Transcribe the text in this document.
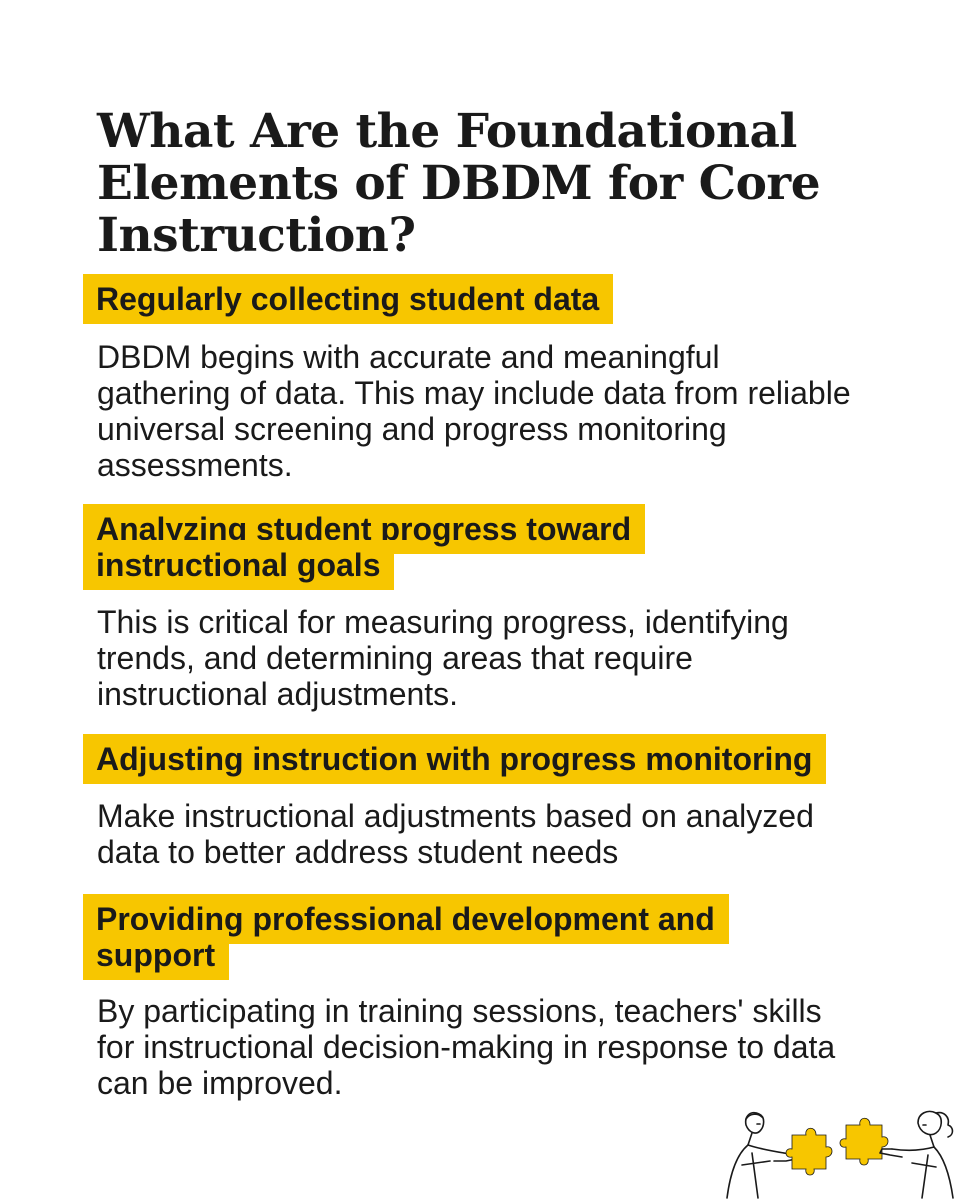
What Are the Foundational Elements of DBDM for Core Instruction?
Regularly collecting student data

DBDM begins with accurate and meaningful gathering of data. This may include data from reliable universal screening and progress monitoring assessments.

Analyzing student progress toward instructional goals

This is critical for measuring progress, identifying trends, and determining areas that require instructional adjustments.

Adjusting instruction with progress monitoring

Make instructional adjustments based on analyzed data to better address student needs

Providing professional development and support

By participating in training sessions, teachers' skills for instructional decision-making in response to data can be improved.
